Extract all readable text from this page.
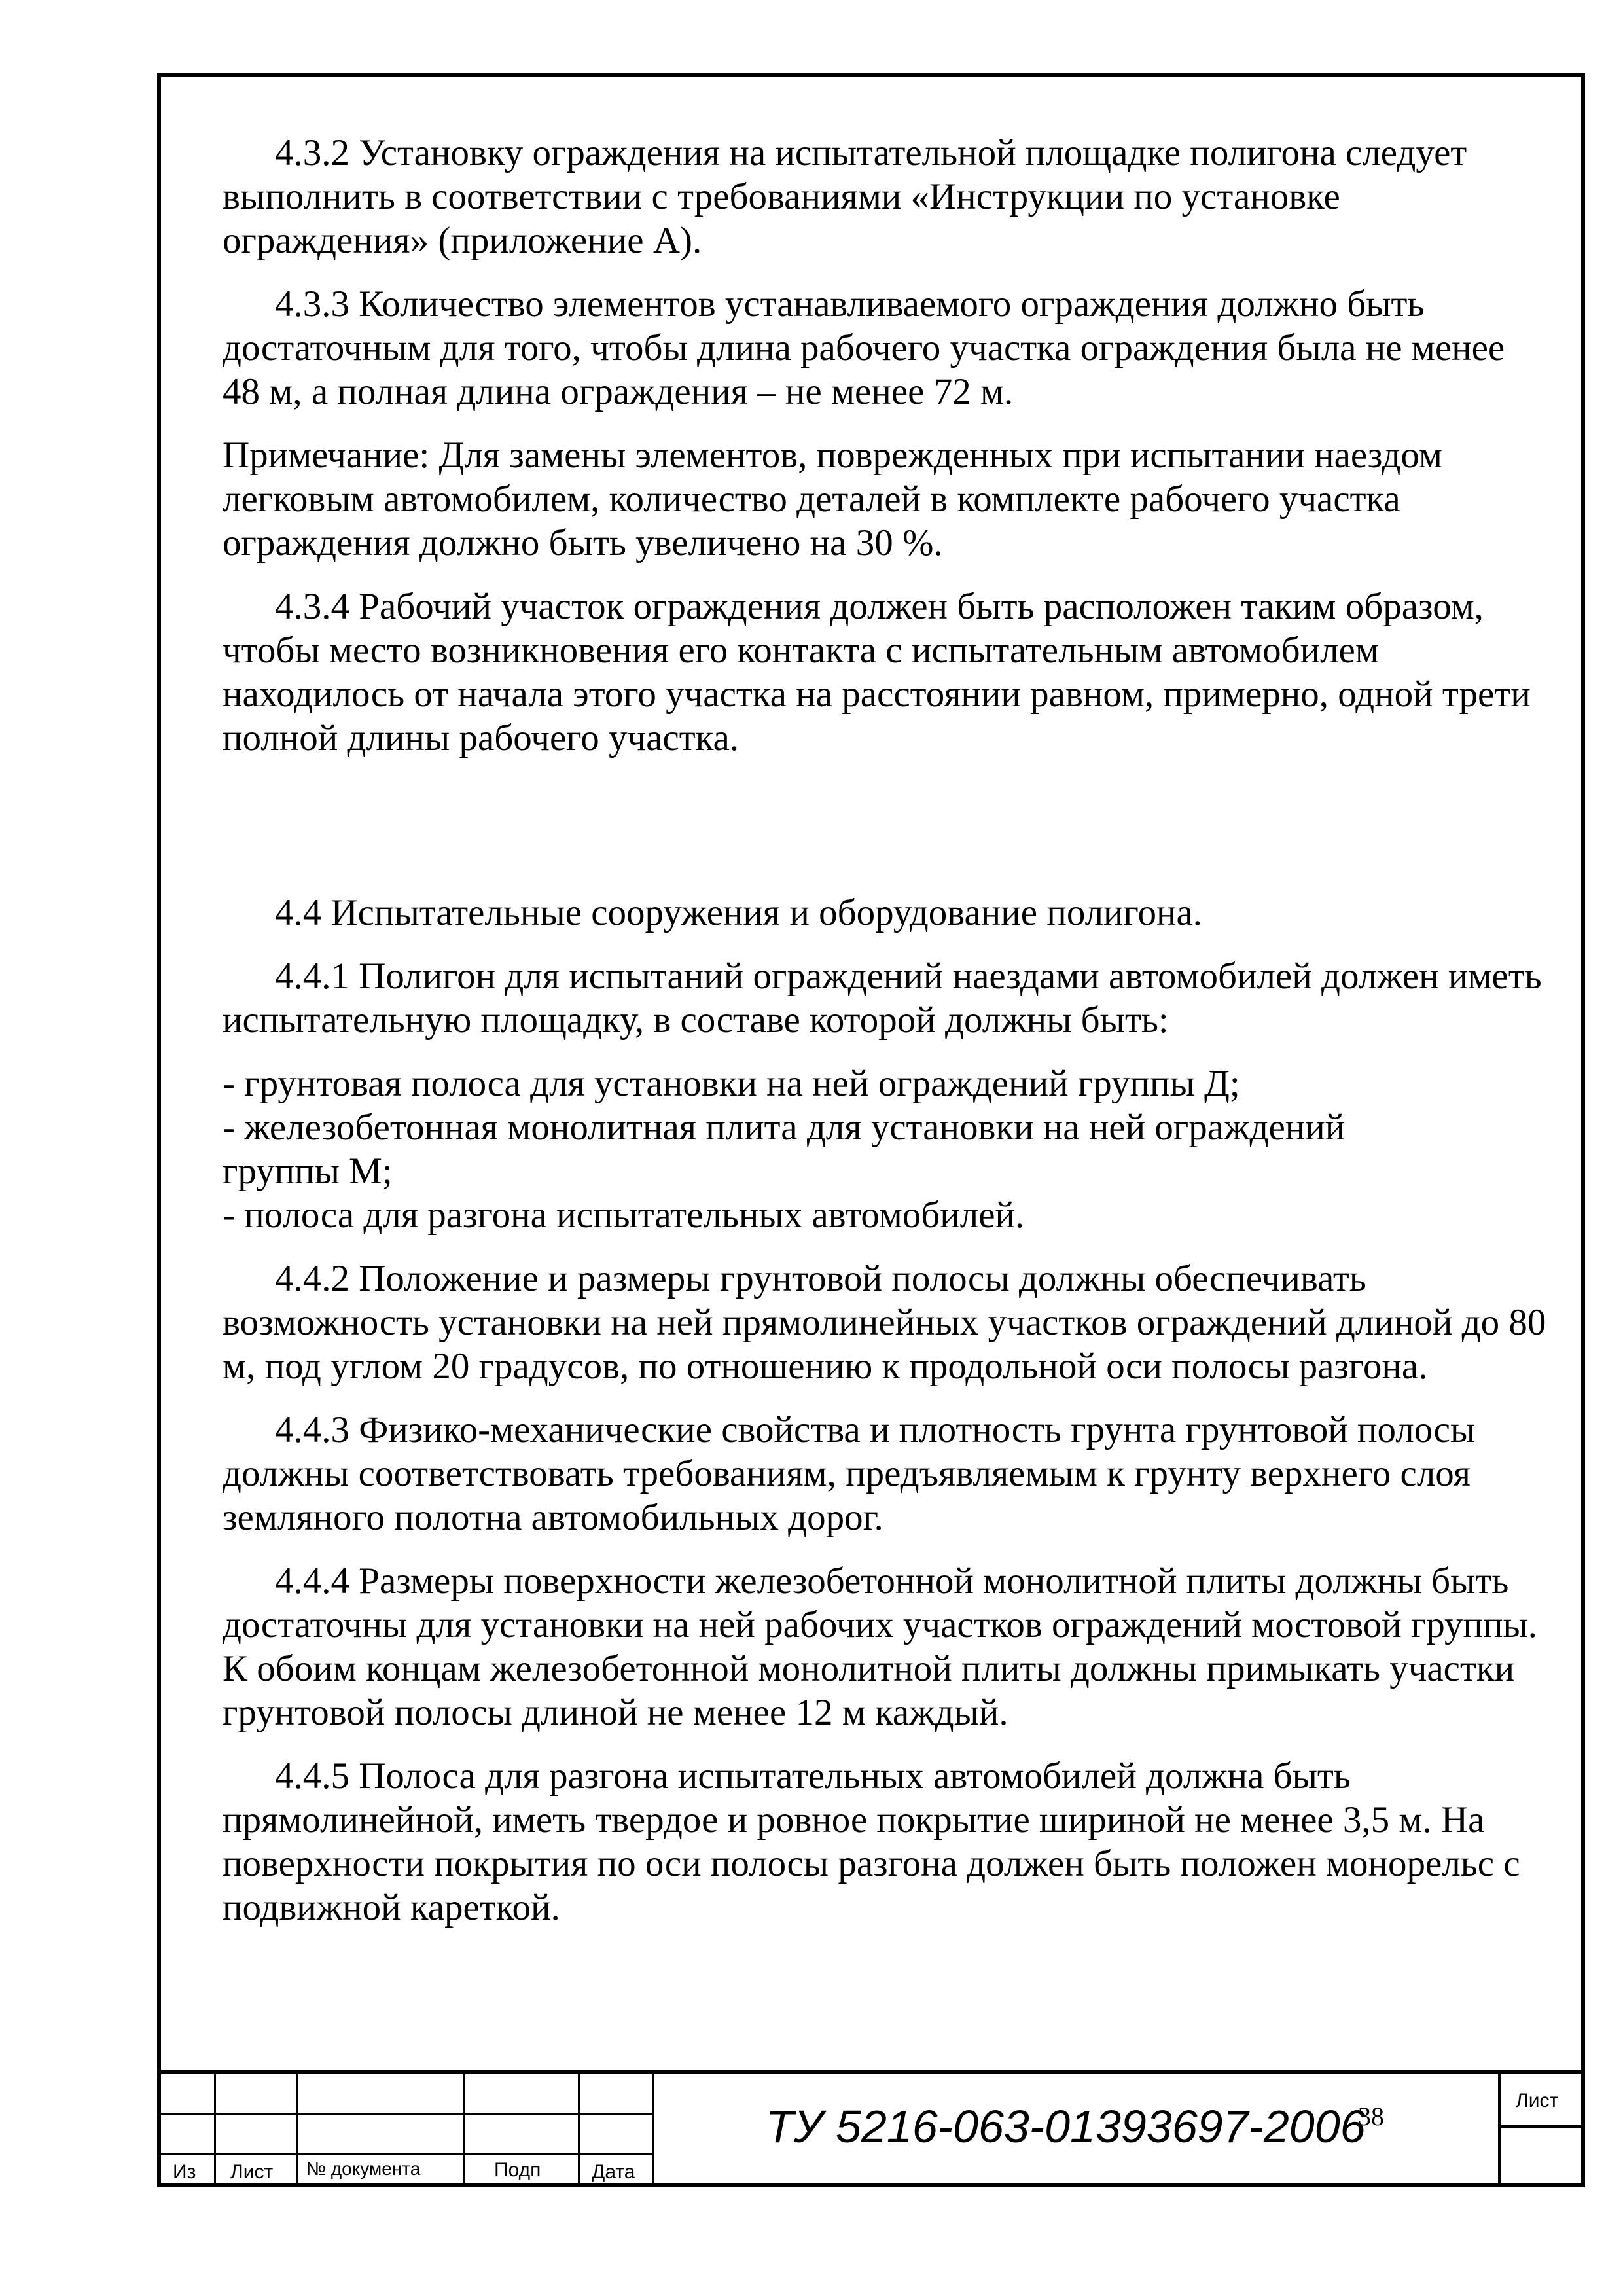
4.3.2 Установку ограждения на испытательной площадке полигона следует выполнить в соответствии с требованиями «Инструкции по установке ограждения» (приложение А).

4.3.3 Количество элементов устанавливаемого ограждения должно быть достаточным для того, чтобы длина рабочего участка ограждения была не менее 48 м, а полная длина ограждения – не менее 72 м.

Примечание: Для замены элементов, поврежденных при испытании наездом легковым автомобилем, количество деталей в комплекте рабочего участка ограждения должно быть увеличено на 30 %.

4.3.4 Рабочий участок ограждения должен быть расположен таким образом, чтобы место возникновения его контакта с испытательным автомобилем находилось от начала этого участка на расстоянии равном, примерно, одной трети полной длины рабочего участка.

4.4 Испытательные сооружения и оборудование полигона.

4.4.1 Полигон для испытаний ограждений наездами автомобилей должен иметь испытательную площадку, в составе которой должны быть:

- грунтовая полоса для установки на ней ограждений группы Д;
- железобетонная монолитная плита для установки на ней ограждений
группы М;
- полоса для разгона испытательных автомобилей.

4.4.2 Положение и размеры грунтовой полосы должны обеспечивать возможность установки на ней прямолинейных участков ограждений длиной до 80 м, под углом 20 градусов, по отношению к продольной оси полосы разгона.

4.4.3 Физико-механические свойства и плотность грунта грунтовой полосы должны соответствовать требованиям, предъявляемым к грунту верхнего слоя земляного полотна автомобильных дорог.

4.4.4 Размеры поверхности железобетонной монолитной плиты должны быть достаточны для установки на ней рабочих участков ограждений мостовой группы. К обоим концам железобетонной монолитной плиты должны примыкать участки грунтовой полосы длиной не менее 12 м каждый.

4.4.5 Полоса для разгона испытательных автомобилей должна быть прямолинейной, иметь твердое и ровное покрытие шириной не менее 3,5 м. На поверхности покрытия по оси полосы разгона должен быть положен монорельс с подвижной кареткой.

Из Лист № документа	Подп	Дата
ТУ 5216-063-01393697-2006
Лист
38
